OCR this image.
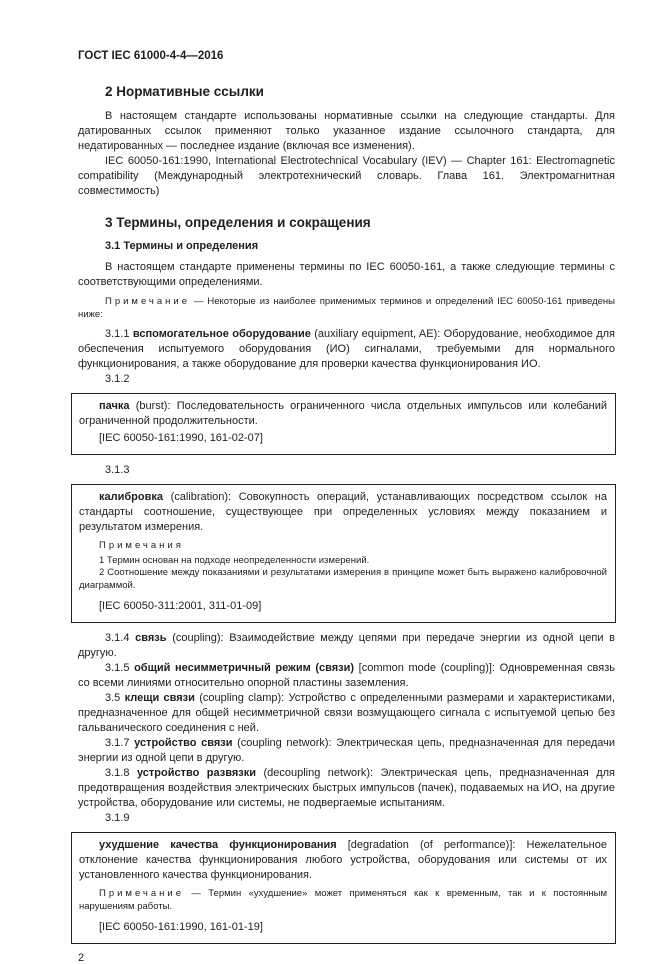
ГОСТ IEC 61000-4-4—2016

2 Нормативные ссылки

В настоящем стандарте использованы нормативные ссылки на следующие стандарты. Для датированных ссылок применяют только указанное издание ссылочного стандарта, для недатированных — последнее издание (включая все изменения).

IEC 60050-161:1990, International Electrotechnical Vocabulary (IEV) — Chapter 161: Electromagnetic compatibility (Международный электротехнический словарь. Глава 161. Электромагнитная совместимость)

3 Термины, определения и сокращения
3.1 Термины и определения

В настоящем стандарте применены термины по IEC 60050-161, а также следующие термины с соответствующими определениями.

Примечание — Некоторые из наиболее применимых терминов и определений IEC 60050-161 приведены ниже:

3.1.1 вспомогательное оборудование (auxiliary equipment, AE): Оборудование, необходимое для обеспечения испытуемого оборудования (ИО) сигналами, требуемыми для нормального функционирования, а также оборудование для проверки качества функционирования ИО.

3.1.2

пачка (burst): Последовательность ограниченного числа отдельных импульсов или колебаний ограниченной продолжительности.

[IEC 60050-161:1990, 161-02-07]

3.1.3

калибровка (calibration): Совокупность операций, устанавливающих посредством ссылок на стандарты соотношение, существующее при определенных условиях между показанием и результатом измерения.

Примечания

1 Термин основан на подходе неопределенности измерений.

2 Соотношение между показаниями и результатами измерения в принципе может быть выражено калибровочной диаграммой.

[IEC 60050-311:2001, 311-01-09]

3.1.4 связь (coupling): Взаимодействие между цепями при передаче энергии из одной цепи в другую.

3.1.5 общий несимметричный режим (связи) [common mode (coupling)]: Одновременная связь со всеми линиями относительно опорной пластины заземления.

3.5 клещи связи (coupling clamp): Устройство с определенными размерами и характеристиками, предназначенное для общей несимметричной связи возмущающего сигнала с испытуемой цепью без гальванического соединения с ней.

3.1.7 устройство связи (coupling network): Электрическая цепь, предназначенная для передачи энергии из одной цепи в другую.

3.1.8 устройство развязки (decoupling network): Электрическая цепь, предназначенная для предотвращения воздействия электрических быстрых импульсов (пачек), подаваемых на ИО, на другие устройства, оборудование или системы, не подвергаемые испытаниям.

3.1.9

ухудшение качества функционирования [degradation (of performance)]: Нежелательное отклонение качества функционирования любого устройства, оборудования или системы от их установленного качества функционирования.

Примечание — Термин «ухудшение» может применяться как к временным, так и к постоянным нарушениям работы.

[IEC 60050-161:1990, 161-01-19]

2
